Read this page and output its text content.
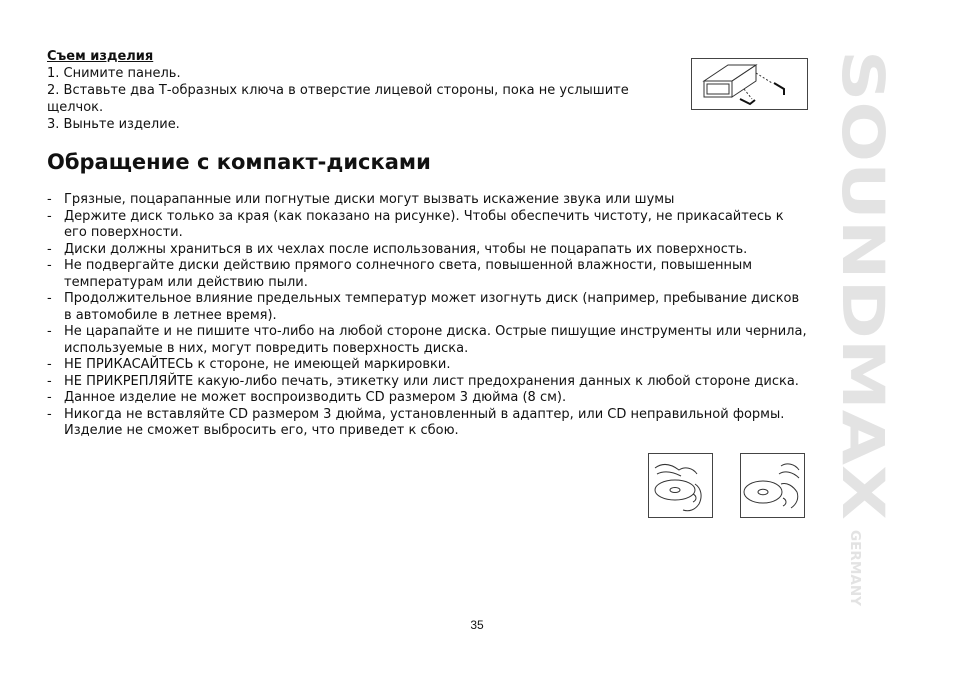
Съем изделия

1. Снимите панель.

2. Вставьте два Т-образных ключа в отверстие лицевой стороны, пока не услышите щелчок.

3. Выньте изделие.

Обращение с компакт-дисками
- Грязные, поцарапанные или погнутые диски могут вызвать искажение звука или шумы
- Держите диск только за края (как показано на рисунке). Чтобы обеспечить чистоту, не прикасайтесь к его поверхности.
- Диски должны храниться в их чехлах после использования, чтобы не поцарапать их поверхность.
- Не подвергайте диски действию прямого солнечного света, повышенной влажности, повышенным температурам или действию пыли.
- Продолжительное влияние предельных температур может изогнуть диск (например, пребывание дисков в автомобиле в летнее время).
- Не царапайте и не пишите что-либо на любой стороне диска. Острые пишущие инструменты или чернила, используемые в них, могут повредить поверхность диска.
- НЕ ПРИКАСАЙТЕСЬ к стороне, не имеющей маркировки.
- НЕ ПРИКРЕПЛЯЙТЕ какую-либо печать, этикетку или лист предохранения данных к любой стороне диска.
- Данное изделие не может воспроизводить CD размером 3 дюйма (8 см).
- Никогда не вставляйте CD размером 3 дюйма, установленный в адаптер, или CD неправильной формы. Изделие не сможет выбросить его, что приведет к сбою.
35
SOUNDMAX
GERMANY
